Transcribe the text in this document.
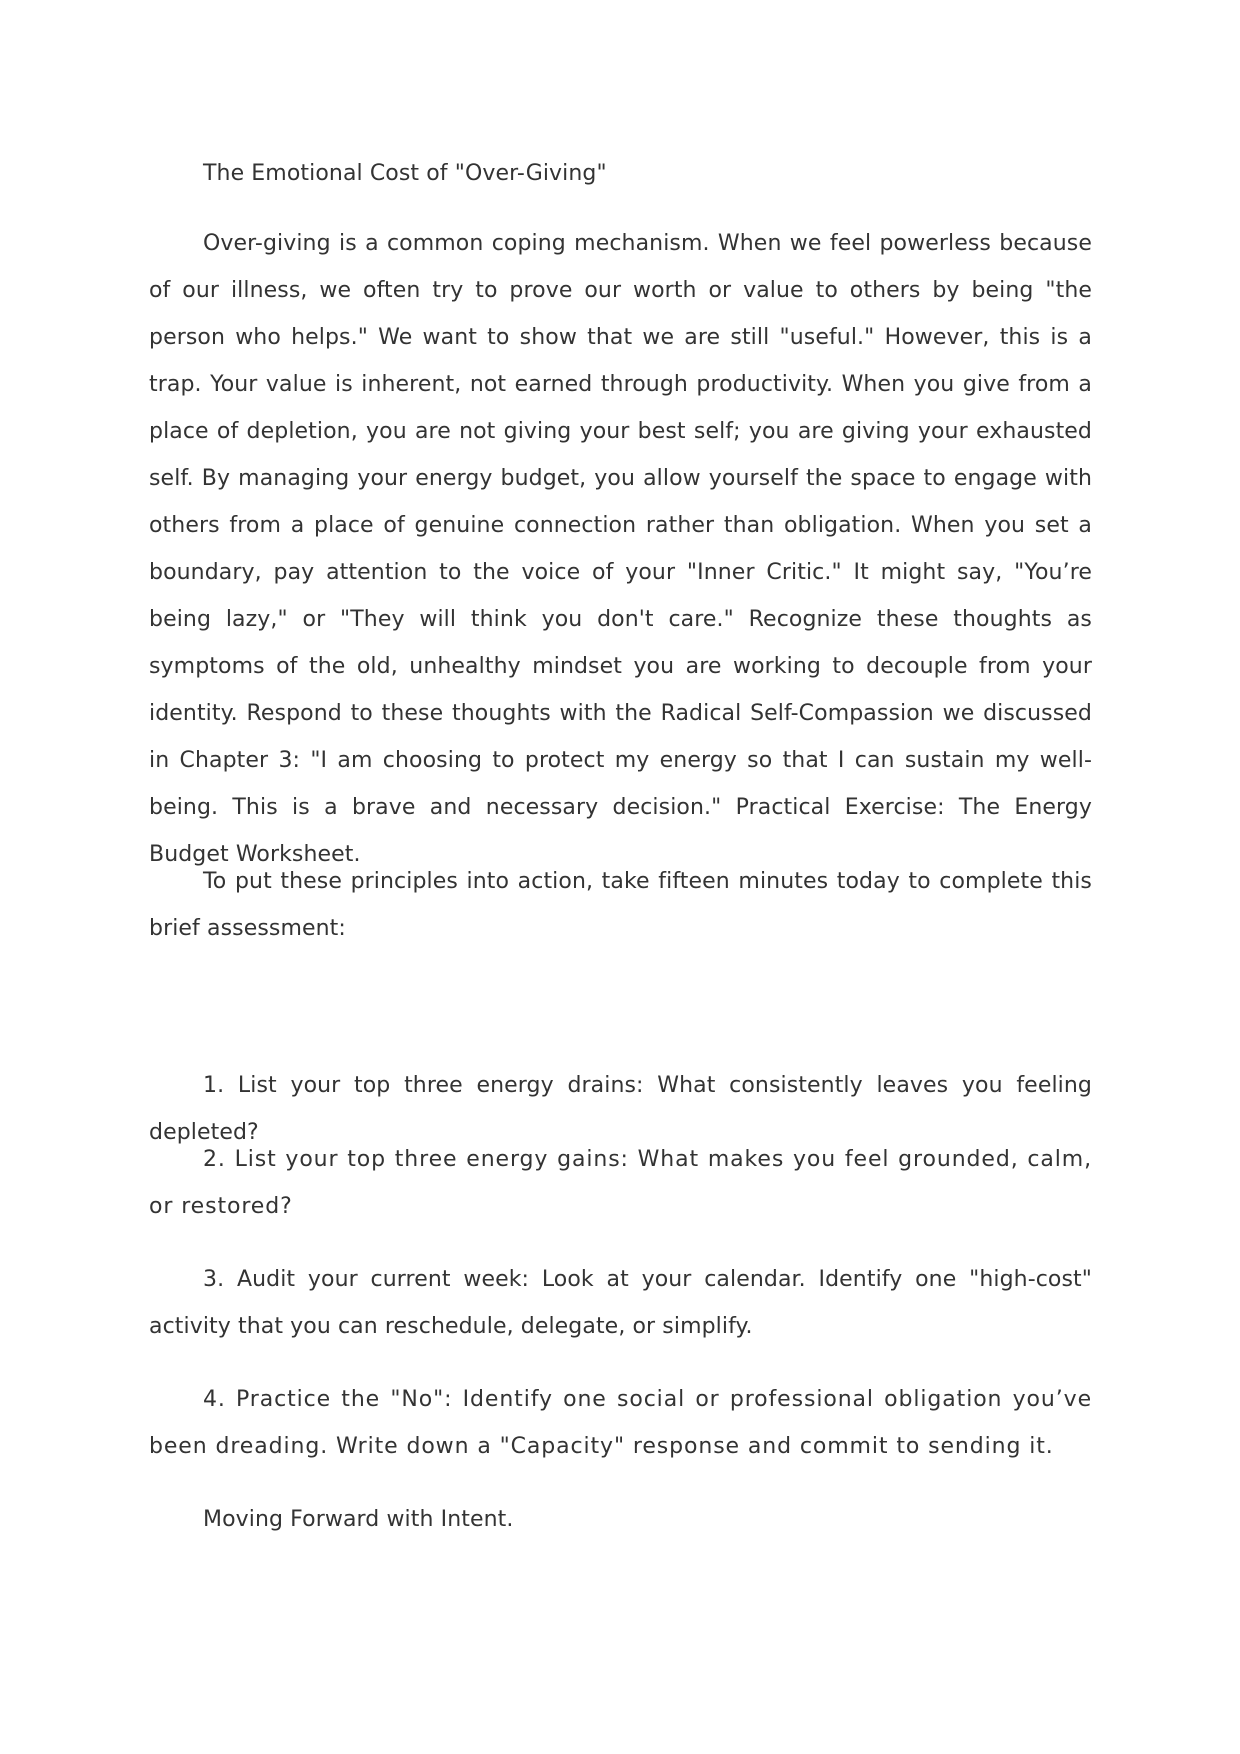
The Emotional Cost of "Over-Giving"

Over-giving is a common coping mechanism. When we feel powerless because of our illness, we often try to prove our worth or value to others by being "the person who helps." We want to show that we are still "useful." However, this is a trap. Your value is inherent, not earned through productivity. When you give from a place of depletion, you are not giving your best self; you are giving your exhausted self. By managing your energy budget, you allow yourself the space to engage with others from a place of genuine connection rather than obligation. When you set a boundary, pay attention to the voice of your "Inner Critic." It might say, "You’re being lazy," or "They will think you don't care." Recognize these thoughts as symptoms of the old, unhealthy mindset you are working to decouple from your identity. Respond to these thoughts with the Radical Self-Compassion we discussed in Chapter 3: "I am choosing to protect my energy so that I can sustain my well-being. This is a brave and necessary decision." Practical Exercise: The Energy Budget Worksheet.

To put these principles into action, take fifteen minutes today to complete this brief assessment:

1. List your top three energy drains: What consistently leaves you feeling depleted?

2. List your top three energy gains: What makes you feel grounded, calm, or restored?

3. Audit your current week: Look at your calendar. Identify one "high-cost" activity that you can reschedule, delegate, or simplify.

4. Practice the "No": Identify one social or professional obligation you’ve been dreading. Write down a "Capacity" response and commit to sending it.

Moving Forward with Intent.
